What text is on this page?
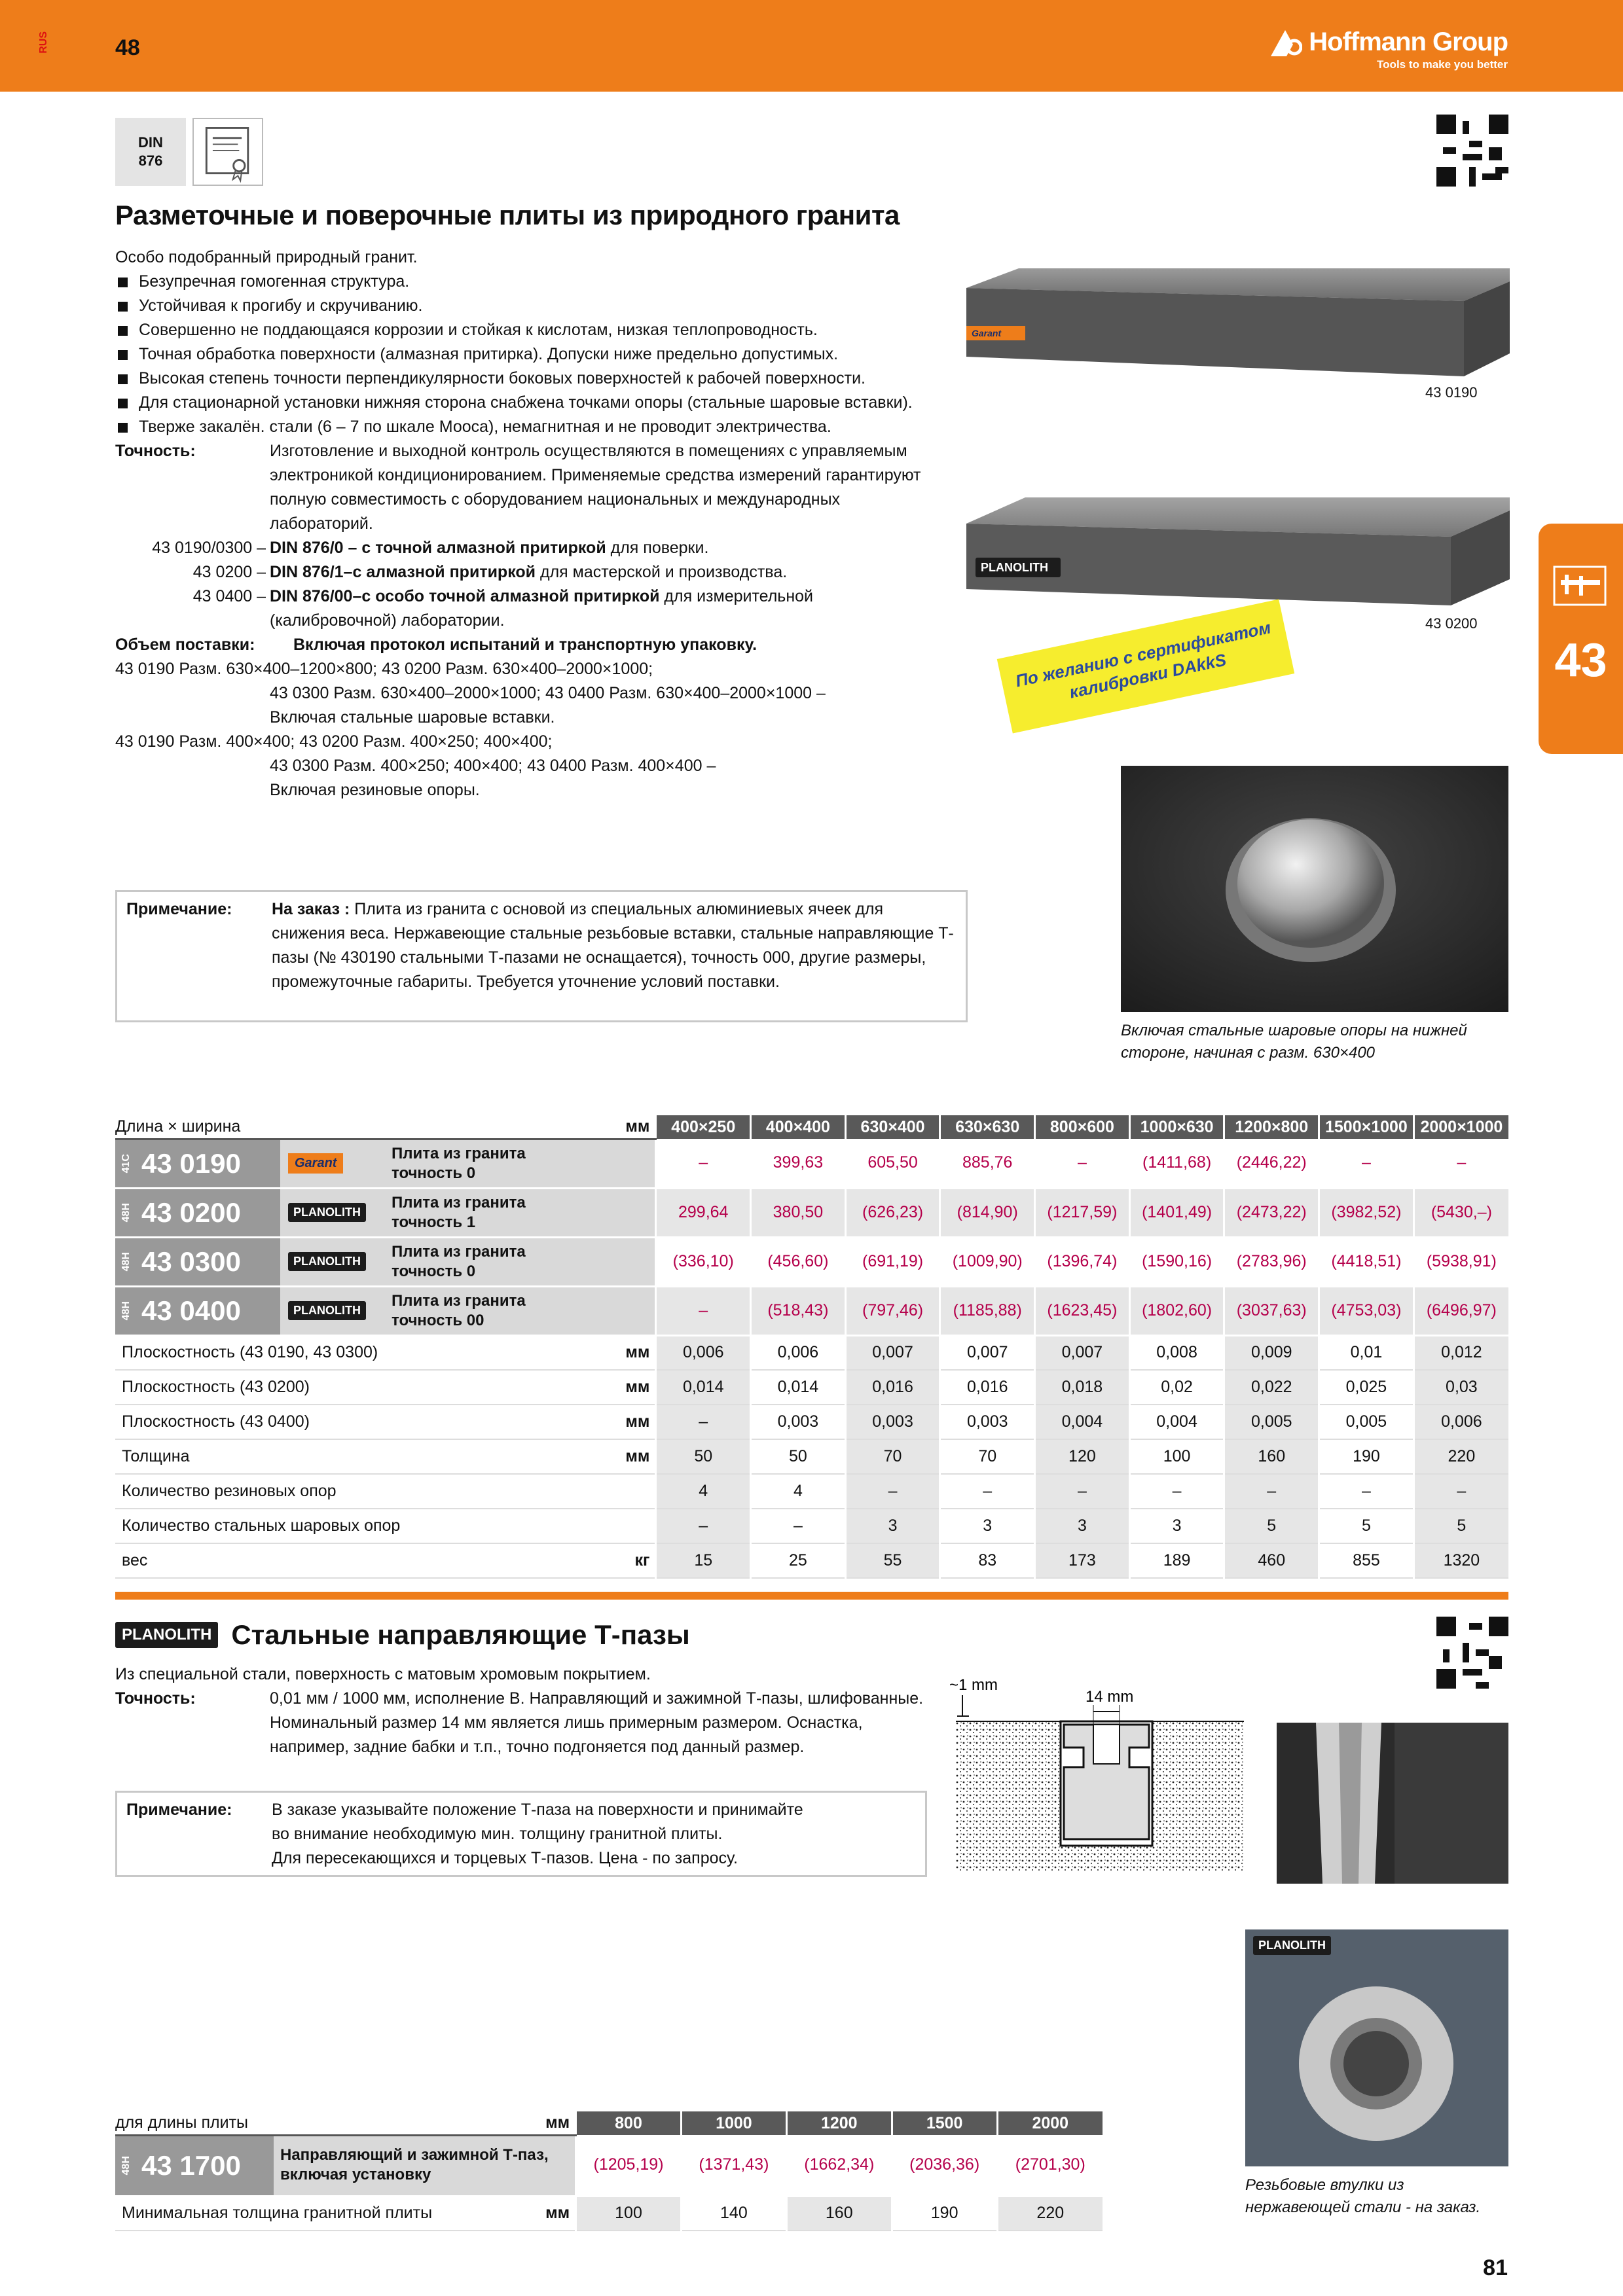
RUS	48	Hoffmann Group
Tools to make you better
DIN
876
Разметочные и поверочные плиты из природного гранита
Особо подобранный природный гранит.
Безупречная гомогенная структура.
Устойчивая к прогибу и скручиванию.
Совершенно не поддающаяся коррозии и стойкая к кислотам, низкая теплопроводность.
Точная обработка поверхности (алмазная притирка). Допуски ниже предельно допустимых.
Высокая степень точности перпендикулярности боковых поверхностей к рабочей поверхности.
Для стационарной установки нижняя сторона снабжена точками опоры (стальные шаровые вставки).
Тверже закалён. стали (6 – 7 по шкале Мооса), немагнитная и не проводит электричества.
Точность:	Изготовление и выходной контроль осуществляются в помещениях с управляемым электроникой кондиционированием. Применяемые средства измерений гарантируют полную совместимость с оборудованием национальных и международных лабораторий.
43 0190/0300 – DIN 876/0 – с точной алмазной притиркой для поверки.
43 0200 – DIN 876/1–с алмазной притиркой для мастерской и производства.
43 0400 – DIN 876/00–с особо точной алмазной притиркой для измерительной (калибровочной) лаборатории.
Объем поставки:	Включая протокол испытаний и транспортную упаковку.
43 0190 Разм. 630×400–1200×800; 43 0200 Разм. 630×400–2000×1000;
43 0300 Разм. 630×400–2000×1000; 43 0400 Разм. 630×400–2000×1000 –
Включая стальные шаровые вставки.
43 0190 Разм. 400×400; 43 0200 Разм. 400×250; 400×400;
43 0300 Разм. 400×250; 400×400; 43 0400 Разм. 400×400 –
Включая резиновые опоры.
Примечание:	На заказ : Плита из гранита с основой из специальных алюминиевых ячеек для снижения веса. Нержавеющие стальные резьбовые вставки, стальные направляющие Т-пазы (№ 430190 стальными Т-пазами не оснащается), точность 000, другие размеры, промежуточные габариты. Требуется уточнение условий поставки.
Garant
43 0190
PLANOLITH
43 0200
По желанию с сертификатом калибровки DAkkS
Включая стальные шаровые опоры на нижней стороне, начиная с разм. 630×400
43
Длина × ширина	мм	400×250	400×400	630×400	630×630	800×600	1000×630	1200×800	1500×1000	2000×1000

41C 43 0190 Garant
Плита из гранита
точность 0		–	399,63	605,50	885,76	–	(1411,68)	(2446,22)	–	–

48H 43 0200 PLANOLITH
Плита из гранита
точность 1		299,64	380,50	(626,23)	(814,90)	(1217,59)	(1401,49)	(2473,22)	(3982,52)	(5430,–)

48H 43 0300 PLANOLITH
Плита из гранита
точность 0		(336,10)	(456,60)	(691,19)	(1009,90)	(1396,74)	(1590,16)	(2783,96)	(4418,51)	(5938,91)

48H 43 0400 PLANOLITH
Плита из гранита
точность 00		–	(518,43)	(797,46)	(1185,88)	(1623,45)	(1802,60)	(3037,63)	(4753,03)	(6496,97)
Плоскостность (43 0190, 43 0300)	мм	0,006	0,006	0,007	0,007	0,007	0,008	0,009	0,01	0,012
Плоскостность (43 0200)	мм	0,014	0,014	0,016	0,016	0,018	0,02	0,022	0,025	0,03
Плоскостность (43 0400)	мм	–	0,003	0,003	0,003	0,004	0,004	0,005	0,005	0,006
Толщина	мм	50	50	70	70	120	100	160	190	220
Количество резиновых опор		4	4	–	–	–	–	–	–	–
Количество стальных шаровых опор		–	–	3	3	3	3	5	5	5
вес	кг	15	25	55	83	173	189	460	855	1320
PLANOLITH Стальные направляющие Т-пазы
Из специальной стали, поверхность с матовым хромовым покрытием.
Точность:	0,01 мм / 1000 мм, исполнение В. Направляющий и зажимной Т-пазы, шлифованные. Номинальный размер 14 мм является лишь примерным размером. Оснастка, например, задние бабки и т.п., точно подгоняется под данный размер.
Примечание:	В заказе указывайте положение Т-паза на поверхности и принимайте
во внимание необходимую мин. толщину гранитной плиты.
Для пересекающихся и торцевых Т-пазов. Цена - по запросу.
~1 mm
14 mm
PLANOLITH
Резьбовые втулки из нержавеющей стали - на заказ.
для длины плиты	мм	800	1000	1200	1500	2000

48H 43 1700 Направляющий и зажимной Т-паз,
включая установку		(1205,19)	(1371,43)	(1662,34)	(2036,36)	(2701,30)
Минимальная толщина гранитной плиты	мм	100	140	160	190	220
81
